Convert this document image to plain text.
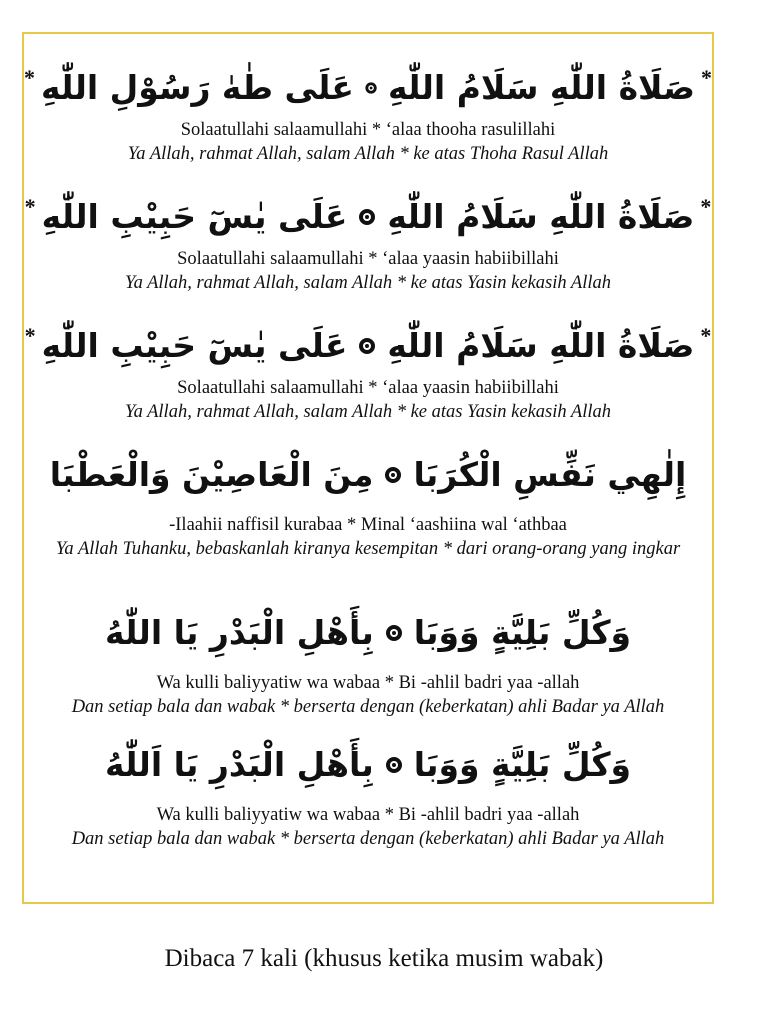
*
صَلَاةُ اللّٰهِ سَلَامُ اللّٰهِ
عَلَى طٰهٰ رَسُوْلِ اللّٰهِ
*
Solaatullahi salaamullahi * ‘alaa thooha rasulillahi
Ya Allah, rahmat Allah, salam Allah * ke atas Thoha Rasul Allah
*
صَلَاةُ اللّٰهِ سَلَامُ اللّٰهِ
عَلَى يٰسٓ حَبِيْبِ اللّٰهِ
*
Solaatullahi salaamullahi * ‘alaa yaasin habiibillahi
Ya Allah, rahmat Allah, salam Allah * ke atas Yasin kekasih Allah
*
صَلَاةُ اللّٰهِ سَلَامُ اللّٰهِ
عَلَى يٰسٓ حَبِيْبِ اللّٰهِ
*
Solaatullahi salaamullahi * ‘alaa yaasin habiibillahi
Ya Allah, rahmat Allah, salam Allah * ke atas Yasin kekasih Allah
إِلٰهِي نَفِّسِ الْكُرَبَا
مِنَ الْعَاصِيْنَ وَالْعَطْبَا
-Ilaahii naffisil kurabaa * Minal ‘aashiina wal ‘athbaa
Ya Allah Tuhanku, bebaskanlah kiranya kesempitan * dari orang-orang yang ingkar
وَكُلِّ بَلِيَّةٍ وَوَبَا
بِأَهْلِ الْبَدْرِ يَا اللّٰهُ
Wa kulli baliyyatiw wa wabaa * Bi -ahlil badri yaa -allah
Dan setiap bala dan wabak * berserta dengan (keberkatan) ahli Badar ya Allah
وَكُلِّ بَلِيَّةٍ وَوَبَا
بِأَهْلِ الْبَدْرِ يَا اَللّٰهُ
Wa kulli baliyyatiw wa wabaa * Bi -ahlil badri yaa -allah
Dan setiap bala dan wabak * berserta dengan (keberkatan) ahli Badar ya Allah
Dibaca 7 kali (khusus ketika musim wabak)
